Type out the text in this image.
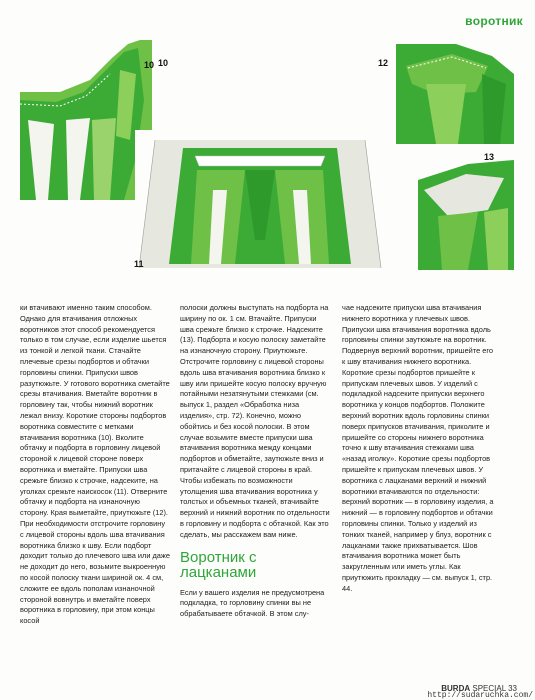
воротник
10 10
11
12
13

ки втачивают именно таким способом. Однако для втачивания отложных воротников этот способ рекомендуется только в том случае, если изделие шьется из тонкой и легкой ткани. Стачайте плечевые срезы подбортов и обтачки горловины спинки. Припуски швов разутюжьте. У готового воротника сметайте срезы втачивания. Вметайте воротник в горловину так, чтобы нижний воротник лежал внизу. Короткие стороны подбортов воротника совместите с метками втачивания воротника (10). Вколите обтачку и подборта в горловину лицевой стороной к лицевой стороне поверх воротника и вметайте. Припуски шва срежьте близко к строчке, надсеките, на уголках срежьте наискосок (11). Отверните обтачку и подборта на изнаночную сторону. Края выметайте, приутюжьте (12). При необходимости отстрочите горловину с лицевой стороны вдоль шва втачивания воротника близко к шву. Если подборт доходит только до плечевого шва или даже не доходит до него, возьмите выкроенную по косой полоску ткани шириной ок. 4 см, сложите ее вдоль пополам изнаночной стороной вовнутрь и вметайте поверх воротника в горловину, при этом концы косой

полоски должны выступать на подборта на ширину по ок. 1 см. Втачайте. Припуски шва срежьте близко к строчке. Надсеките (13). Подборта и косую полоску заметайте на изнаночную сторону. Приутюжьте. Отстрочите горловину с лицевой стороны вдоль шва втачивания воротника близко к шву или пришейте косую полоску вручную потайными незатянутыми стежками (см. выпуск 1, раздел «Обработка низа изделия», стр. 72). Конечно, можно обойтись и без косой полоски. В этом случае возьмите вместе припуски шва втачивания воротника между концами подбортов и обметайте, заутюжьте вниз и притачайте с лицевой стороны в край. Чтобы избежать по возможности утолщения шва втачивания воротника у толстых и объемных тканей, втачивайте верхний и нижний воротник по отдельности в горловину и подборта с обтачкой. Как это сделать, мы расскажем вам ниже.

Воротник с лацканами

Если у вашего изделия не предусмотрена подкладка, то горловину спинки вы не обрабатываете обтачкой. В этом слу-

чае надсеките припуски шва втачивания нижнего воротника у плечевых швов. Припуски шва втачивания воротника вдоль горловины спинки заутюжьте на воротник. Подвернув верхний воротник, пришейте его к шву втачивания нижнего воротника. Короткие срезы подбортов пришейте к припускам плечевых швов. У изделий с подкладкой надсеките припуски верхнего воротника у концов подбортов. Положите верхний воротник вдоль горловины спинки поверх припусков втачивания, приколите и пришейте со стороны нижнего воротника точно к шву втачивания стежками шва «назад иголку». Короткие срезы подбортов пришейте к припускам плечевых швов. У воротника с лацканами верхний и нижний воротники втачиваются по отдельности: верхний воротник — в горловину изделия, а нижний — в горловину подбортов и обтачки горловины спинки. Только у изделий из тонких тканей, например у блуз, воротник с лацканами также прихватывается. Шов втачивания воротника может быть закругленным или иметь углы. Как приутюжить прокладку — см. выпуск 1, стр. 44.

BURDA SPECIAL 33
http://sudaruchka.com/
